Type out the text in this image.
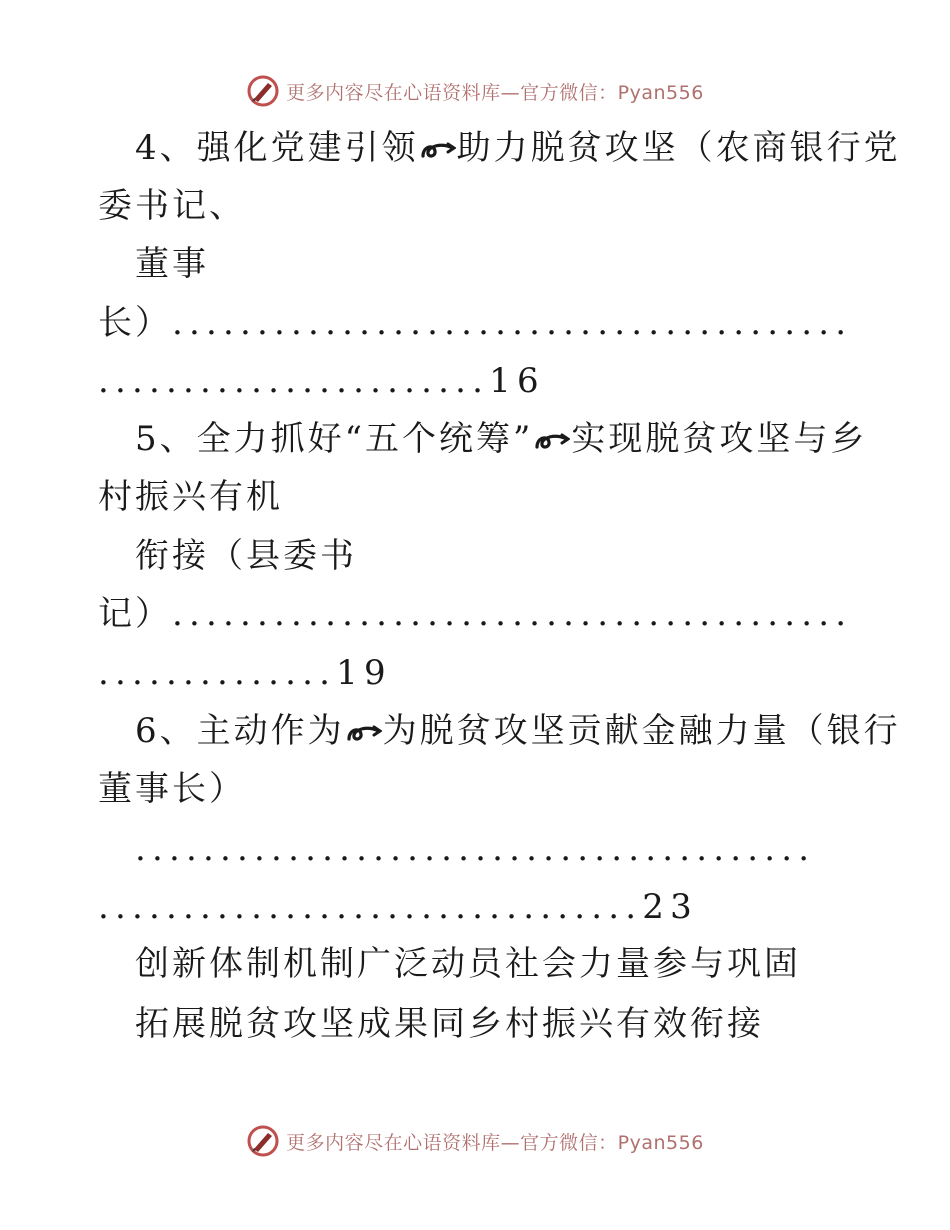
更多内容尽在心语资料库—官方微信：Pyan556
4、强化党建引领 助力脱贫攻坚（农商银行党
委书记、
董事
长）........................................
.......................16
5、全力抓好“五个统筹” 实现脱贫攻坚与乡
村振兴有机
衔接（县委书
记）........................................
..............19
6、主动作为 为脱贫攻坚贡献金融力量（银行
董事长）
........................................
................................23
创新体制机制广泛动员社会力量参与巩固
拓展脱贫攻坚成果同乡村振兴有效衔接
更多内容尽在心语资料库—官方微信：Pyan556
